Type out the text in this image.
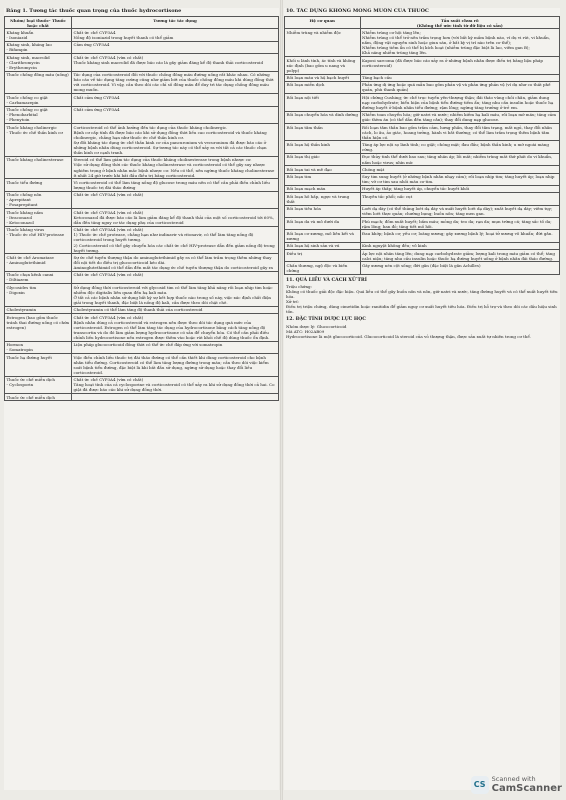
Bảng 1. Tương tác thuốc quan trọng của thuốc hydrocortisone
Nhóm/ loại thuốc- Thuốc hoặc chất	Tương tác tác dụng
Kháng khuẩn
- Isoniazid	Chất ức chế CYP3A4
Nồng độ isoniazid trong huyết thanh có thể giảm
Kháng sinh, kháng lao
- Rifampin	Cảm ứng CYP3A4
Kháng sinh, macrolid
- Clarithromycin
- Erythromycin	Chất ức chế CYP3A4 (vừa có chất)
Thuốc kháng sinh macrolid đã được báo cáo là gây giảm đáng kể độ thanh thải corticosteroid
Thuốc chống đông máu (uống)	Tác dụng của corticosteroid đối với thuốc chống đông máu đường uống rất khác nhau. Có những báo cáo về tác dụng tăng cường cũng như giảm bớt của thuốc chống đông máu khi dùng đồng thời với corticosteroid. Vì vậy, cần theo dõi các chỉ số đông máu để duy trì tác dụng chống đông máu mong muốn.
Thuốc chống co giật
- Carbamazepin	Chất cảm ứng CYP3A4
Thuốc chống co giật
- Phenobarbital
- Phenytoin	Chất cảm ứng CYP3A4
Thuốc kháng cholinergic
- Thuốc ức chế thần kinh cơ	Corticosteroid có thể ảnh hưởng đến tác dụng của thuốc kháng cholinergic.
Bệnh cơ cấp tính đã được báo cáo khi sử dụng đồng thời liều cao corticosteroid và thuốc kháng cholinergic, chẳng hạn như thuốc ức chế thần kinh cơ.
Sự đối kháng tác dụng ức chế thần kinh cơ của pancuronium và vecuronium đã được báo cáo ở những bệnh nhân dùng corticosteroid. Sự tương tác này có thể xảy ra với tất cả các thuốc chẹn thần kinh cơ cạnh tranh.
Thuốc kháng cholinesterase	Steroid có thể làm giảm tác dụng của thuốc kháng cholinesterase trong bệnh nhược cơ.
Việc sử dụng đồng thời các thuốc kháng cholinesterase và corticosteroid có thể gây suy nhược nghiêm trọng ở bệnh nhân mắc bệnh nhược cơ. Nếu có thể, nên ngừng thuốc kháng cholinesterase ít nhất 24 giờ trước khi bắt đầu điều trị bằng corticosteroid.
Thuốc tiểu đường	Vì corticosteroid có thể làm tăng nồng độ glucose trong máu nên có thể cần phải điều chỉnh liều lượng thuốc trị đái tháo đường
Thuốc chống nôn
- Aprepitant
- Fosaprepitant	Chất ức chế CYP3A4 (vừa có chất)
Thuốc kháng nấm
- Itraconazol
- Ketoconazol	Chất ức chế CYP3A4 (vừa có chất)
Ketoconazol đã được báo cáo là làm giảm đáng kể độ thanh thải của một số corticosteroid tới 60%, dẫn đến tăng nguy cơ tác dụng phụ của corticosteroid
Thuốc kháng virus
- Thuốc ức chế HIV-protease	Chất ức chế CYP3A4 (vừa có chất)
1) Thuốc ức chế protease, chẳng hạn như indinavir và ritonavir, có thể làm tăng nồng độ corticosteroid trong huyết tương.
2) Corticosteroid có thể gây chuyển hóa các chất ức chế HIV-protease dẫn đến giảm nồng độ trong huyết tương.
Chất ức chế Aromatase
- Aminoglutethimid	Sự ức chế tuyến thượng thận do aminoglutethimid gây ra có thể làm trầm trọng thêm những thay đổi nội tiết do điều trị glucocorticoid kéo dài.
Aminoglutethimid có thể dẫn đến mất tác dụng ức chế tuyến thượng thận do corticosteroid gây ra
Thuốc chẹn kênh canxi
- Diltiazem	Chất ức chế CYP3A4 (vừa có chất)
Glycosides tim
- Digoxin	Sử dụng đồng thời corticosteroid với glycosid tim có thể làm tăng khả năng rối loạn nhịp tim hoặc nhiễm độc digitalis liên quan đến hạ kali máu.
Ở tất cả các bệnh nhân sử dụng bất kỳ sự kết hợp thuốc nào trong số này, việc xác định chất điện giải trong huyết thanh, đặc biệt là nồng độ kali, cần được theo dõi chặt chẽ.
Cholestyramin	Cholestyramin có thể làm tăng độ thanh thải của corticosteroid
Estrogen (bao gồm thuốc tránh thai đường uống có chứa estrogen)	Chất ức chế CYP3A4 (vừa có chất)
Bệnh nhân dùng cả corticosteroid và estrogen nên được theo dõi tác dụng quá mức của corticosteroid. Estrogen có thể làm tăng tác dụng của hydrocortisone bằng cách tăng nồng độ transcortin và do đó làm giảm lượng hydrocortisone có sẵn để chuyển hóa. Có thể cần phải điều chỉnh liều hydrocortisone nếu estrogen được thêm vào hoặc rút khỏi chế độ dùng thuốc ổn định.
Hormon
- Somatropin	Liệu pháp glucocorticoid đồng thời có thể ức chế đáp ứng với somatropin
Thuốc hạ đường huyết	Việc điều chỉnh liều thuốc trị đái tháo đường có thể cần thiết khi dùng corticosteroid cho bệnh nhân tiểu đường. Corticosteroid có thể làm tăng lượng đường trong máu; cần theo dõi việc kiểm soát bệnh tiểu đường, đặc biệt là khi bắt đầu sử dụng, ngừng sử dụng hoặc thay đổi liều corticosteroid.
Thuốc ức chế miễn dịch
- Cyclosporin	Chất ức chế CYP3A4 (vừa có chất)
Tăng hoạt tính của cả cyclosporine và corticosteroid có thể xảy ra khi sử dụng đồng thời cả hai. Co giật đã được báo cáo khi sử dụng đồng thời.
Thuốc ức chế miễn dịch	
10. TÁC DỤNG KHÔNG MONG MUỐN CỦA THUỐC
Hệ cơ quan	Tần suất chưa rõ
(Không thể ước tính từ dữ liệu có sẵn)
Nhiễm trùng và nhiễm độc	Nhiễm trùng cơ hội tăng lên;
Nhiễm trùng có thể trở nên trầm trọng hơn (với bất kỳ mầm bệnh nào, ví dụ vi rút, vi khuẩn, nấm, động vật nguyên sinh hoặc giun sán, ở bất kỳ vị trí nào trên cơ thể);
Nhiễm trùng tiềm ẩn có thể bị kích hoạt (nhiễm trùng đặc biệt là lao, viêm gan B);
Khả năng nhiễm trùng tăng lên.
Khối u lành tính, ác tính và không xác định (bao gồm u nang và polyp)	Kaposi sarcoma (đã được báo cáo xảy ra ở những bệnh nhân được điều trị bằng liệu pháp corticosteroid)
Rối loạn máu và hệ bạch huyết	Tăng bạch cầu
Rối loạn miễn dịch	Phản ứng dị ứng hoặc quá mẫn bao gồm phản vệ và phản ứng phản vệ (ví dụ như co thắt phế quản, phù thanh quản)
Rối loạn nội tiết	Hội chứng Cushing; ức chế trục tuyến yên-thượng thận; đái tháo vùng chồi chân, giảm dung nạp carbohydrate; biểu hiện của bệnh tiểu đường tiềm ẩn; tăng nhu cầu insulin hoặc thuốc hạ đường huyết ở bệnh nhân tiểu đường; rậm lông; ngừng tăng trưởng ở trẻ em.
Rối loạn chuyển hóa và dinh dưỡng	Nhiễm toan chuyển hóa; giữ natri và nước; nhiễm kiềm hạ kali máu, rối loạn mỡ máu; tăng cảm giác thèm ăn (có thể dẫn đến tăng cân); thay đổi dung nạp glucose.
Rối loạn tâm thần	Rối loạn tâm thần bao gồm trầm cảm, hưng phấn, thay đổi tâm trạng, mất ngủ, thay đổi nhân cách, lo âu, ảo giác, hoang tưởng, hành vi bất thường; có thể làm trầm trọng thêm bệnh tâm thần hiện có.
Rối loạn hệ thần kinh	Tăng áp lực nội sọ lành tính; co giật; chóng mặt; đau đầu; bệnh thần kinh; u mỡ ngoài màng cứng.
Rối loạn thị giác	Đục thủy tinh thể dưới bao sau; tăng nhãn áp; lồi mắt; nhiễm trùng mắt thứ phát do vi khuẩn, nấm hoặc virus; nhìn mờ.
Rối loạn tai và mê đạo	Chóng mặt
Rối loạn tim	Suy tim sung huyết (ở những bệnh nhân nhạy cảm); rối loạn nhịp tim; tăng huyết áp; loạn nhịp tim; vỡ cơ tim sau nhồi máu cơ tim.
Rối loạn mạch máu	Huyết áp thấp; tăng huyết áp, chuyển tắc huyết khối
Rối loạn hô hấp, ngực và trung thất	Thuyên tắc phổi; nấc cụt
Rối loạn tiêu hóa	Loét dạ dày (có thể thủng loét dạ dày và xuất huyết loét dạ dày); xuất huyết dạ dày; viêm tụy; viêm loét thực quản; chướng bụng; buồn nôn; tăng men gan.
Rối loạn da và mô dưới da	Phù mạch; đốm xuất huyết; bầm máu; mỏng da; teo da; rạn da; mụn trứng cá; tăng sắc tố da; rậm lông; ban đỏ; tăng tiết mồ hôi.
Rối loạn cơ xương, mô liên kết và xương	Đau khớp; bệnh cơ; yếu cơ; loãng xương; gãy xương bệnh lý; hoại tử xương vô khuẩn; đứt gân.
Rối loạn hệ sinh sản và vú	Kinh nguyệt không đều; vô kinh
Điều trị	Áp lực nội nhãn tăng lên; dung nạp carbohydrate giảm; lượng kali trong máu giảm có thể; tăng calci niệu; tăng nhu cầu insulin hoặc thuốc hạ đường huyết uống ở bệnh nhân đái tháo đường.
Chấn thương, ngộ độc và biến chứng	Gãy xương nén cột sống; đứt gân (đặc biệt là gân Achilles)
11. QUÁ LIỀU VÀ CÁCH XỬ TRÍ
Triệu chứng:
Không có thuốc giải độc đặc hiệu. Quá liều có thể gây buồn nôn và nôn, giữ natri và nước, tăng đường huyết và có thể xuất huyết tiêu hóa.
Xử trí:
Điều trị triệu chứng, dùng cimetidin hoặc ranitidin để giảm nguy cơ xuất huyết tiêu hóa. Điều trị hỗ trợ và theo dõi các dấu hiệu sinh tồn.
12. ĐẶC TÍNH DƯỢC LỰC HỌC
Nhóm dược lý: Glucocorticoid
Mã ATC: H02AB09
Hydrocortisone là một glucocorticoid. Glucocorticoid là steroid của vỏ thượng thận, được sản xuất tự nhiên trong cơ thể.
CS
Scanned with
CamScanner
